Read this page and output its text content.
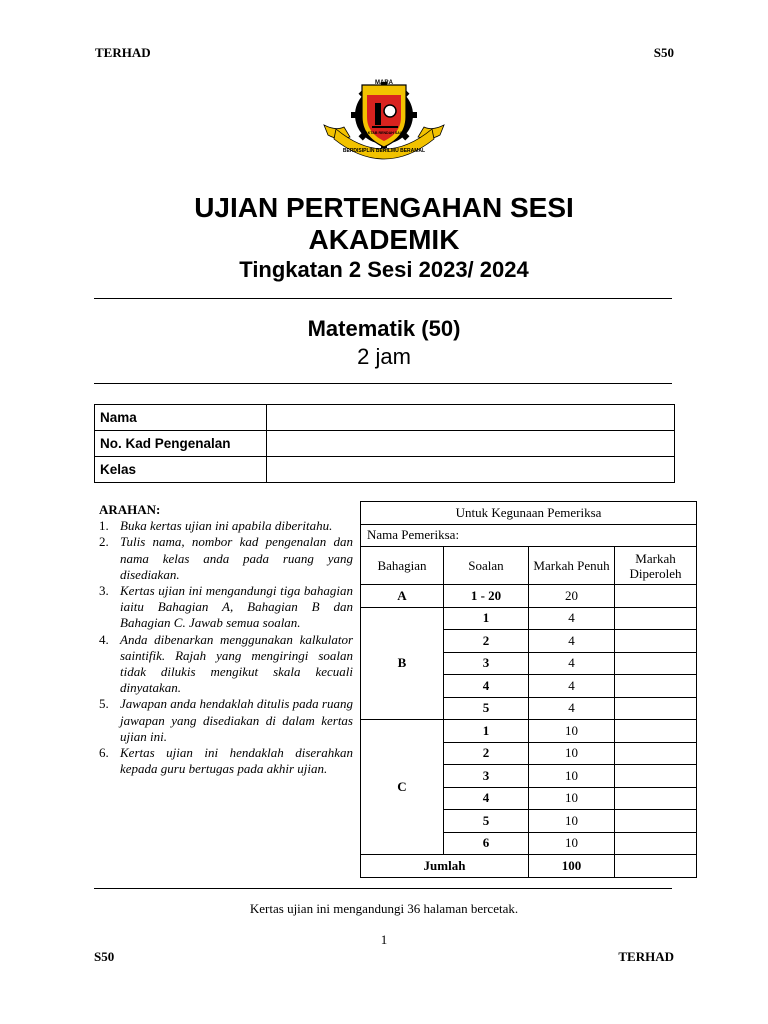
TERHAD	S50
MARA
MAKTAB RENDAH SAINS
BERDISIPLIN BERILMU BERAMAL
UJIAN PERTENGAHAN SESI
AKADEMIK
Tingkatan 2 Sesi 2023/ 2024
Matematik (50)
2 jam
Nama	
No. Kad Pengenalan	
Kelas	
ARAHAN:
1. Buka kertas ujian ini apabila diberitahu.
2. Tulis nama, nombor kad pengenalan dan nama kelas anda pada ruang yang disediakan.
3. Kertas ujian ini mengandungi tiga bahagian iaitu Bahagian A, Bahagian B dan Bahagian C. Jawab semua soalan.
4. Anda dibenarkan menggunakan kalkulator saintifik. Rajah yang mengiringi soalan tidak dilukis mengikut skala kecuali dinyatakan.
5. Jawapan anda hendaklah ditulis pada ruang jawapan yang disediakan di dalam kertas ujian ini.
6. Kertas ujian ini hendaklah diserahkan kepada guru bertugas pada akhir ujian.
Untuk Kegunaan Pemeriksa			
Nama Pemeriksa:			
Bahagian	Soalan	Markah Penuh	Markah Diperoleh
A	1 - 20	20	
B	1	4	
	2	4	
	3	4	
	4	4	
	5	4	
C	1	10	
	2	10	
	3	10	
	4	10	
	5	10	
	6	10	
Jumlah		100	
Kertas ujian ini mengandungi 36 halaman bercetak.
1
S50	TERHAD
